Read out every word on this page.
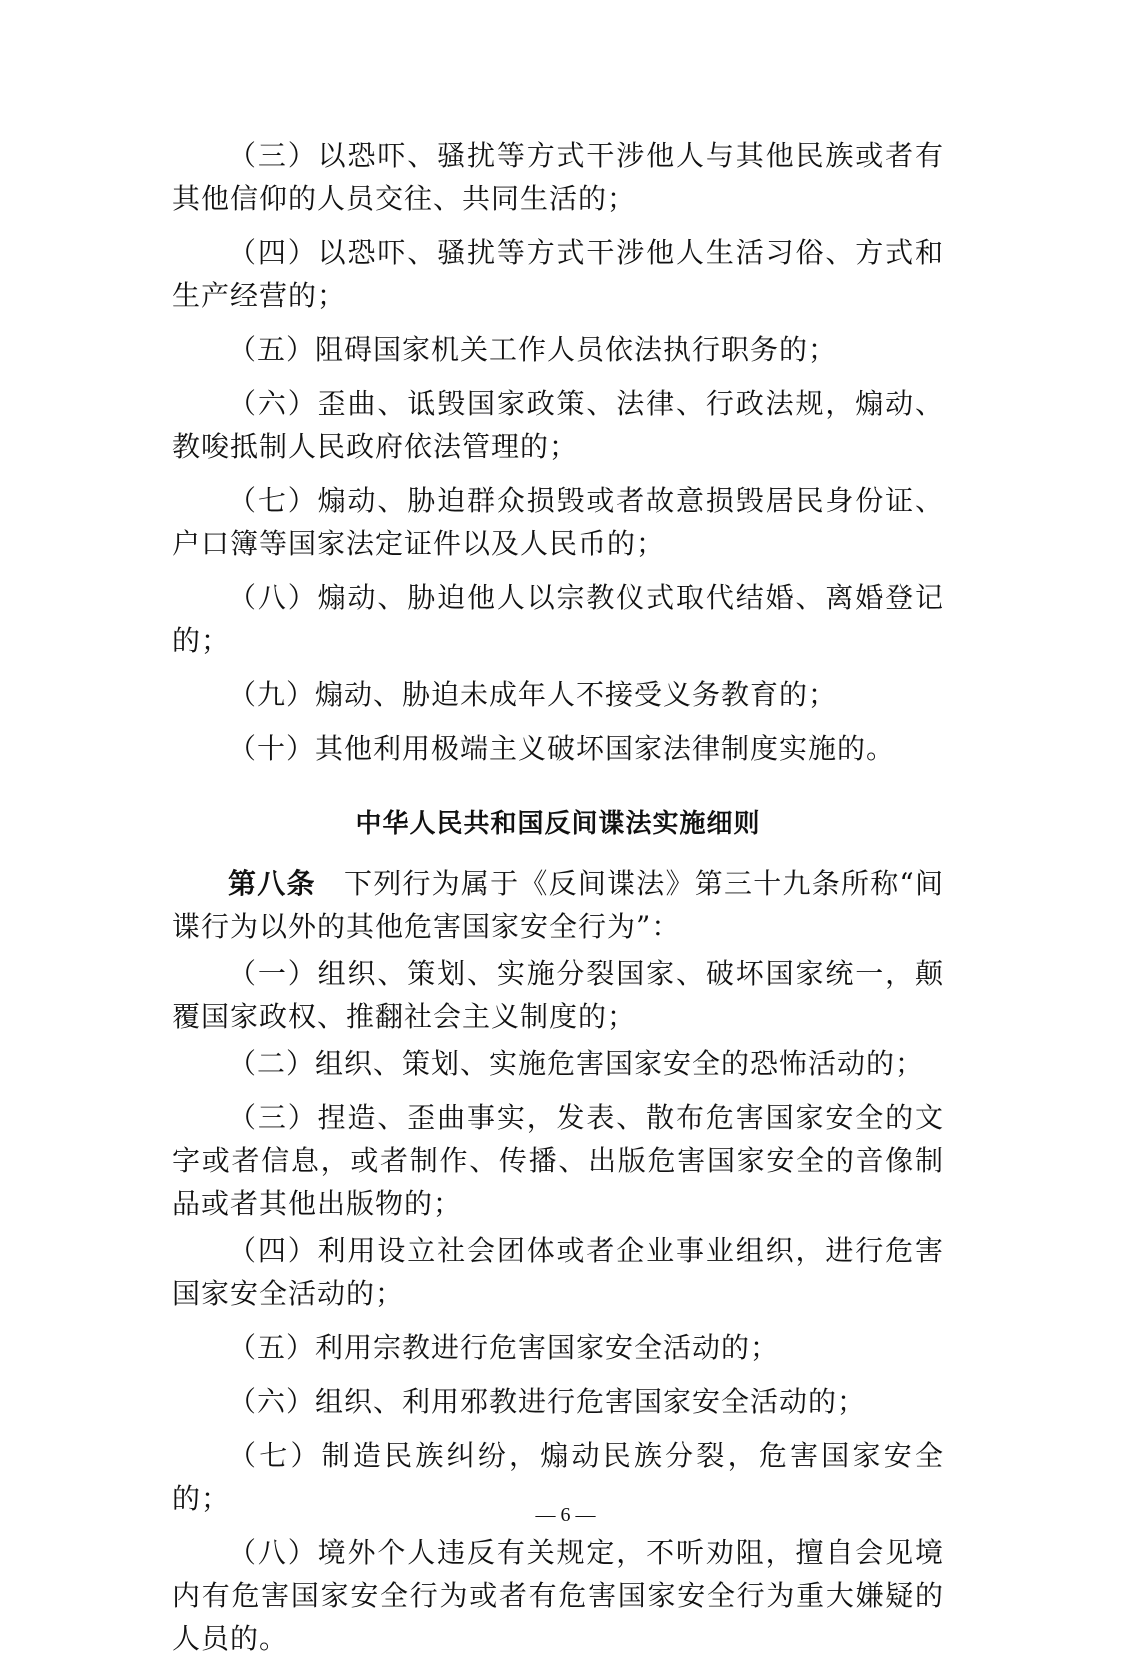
（三）以恐吓、骚扰等方式干涉他人与其他民族或者有其他信仰的人员交往、共同生活的；

（四）以恐吓、骚扰等方式干涉他人生活习俗、方式和生产经营的；

（五）阻碍国家机关工作人员依法执行职务的；

（六）歪曲、诋毁国家政策、法律、行政法规，煽动、教唆抵制人民政府依法管理的；

（七）煽动、胁迫群众损毁或者故意损毁居民身份证、户口簿等国家法定证件以及人民币的；

（八）煽动、胁迫他人以宗教仪式取代结婚、离婚登记的；

（九）煽动、胁迫未成年人不接受义务教育的；

（十）其他利用极端主义破坏国家法律制度实施的。

中华人民共和国反间谍法实施细则

第八条 下列行为属于《反间谍法》第三十九条所称“间谍行为以外的其他危害国家安全行为”：

（一）组织、策划、实施分裂国家、破坏国家统一，颠覆国家政权、推翻社会主义制度的；

（二）组织、策划、实施危害国家安全的恐怖活动的；

（三）捏造、歪曲事实，发表、散布危害国家安全的文字或者信息，或者制作、传播、出版危害国家安全的音像制品或者其他出版物的；

（四）利用设立社会团体或者企业事业组织，进行危害国家安全活动的；

（五）利用宗教进行危害国家安全活动的；

（六）组织、利用邪教进行危害国家安全活动的；

（七）制造民族纠纷，煽动民族分裂，危害国家安全的；

（八）境外个人违反有关规定，不听劝阻，擅自会见境内有危害国家安全行为或者有危害国家安全行为重大嫌疑的人员的。

— 6 —
